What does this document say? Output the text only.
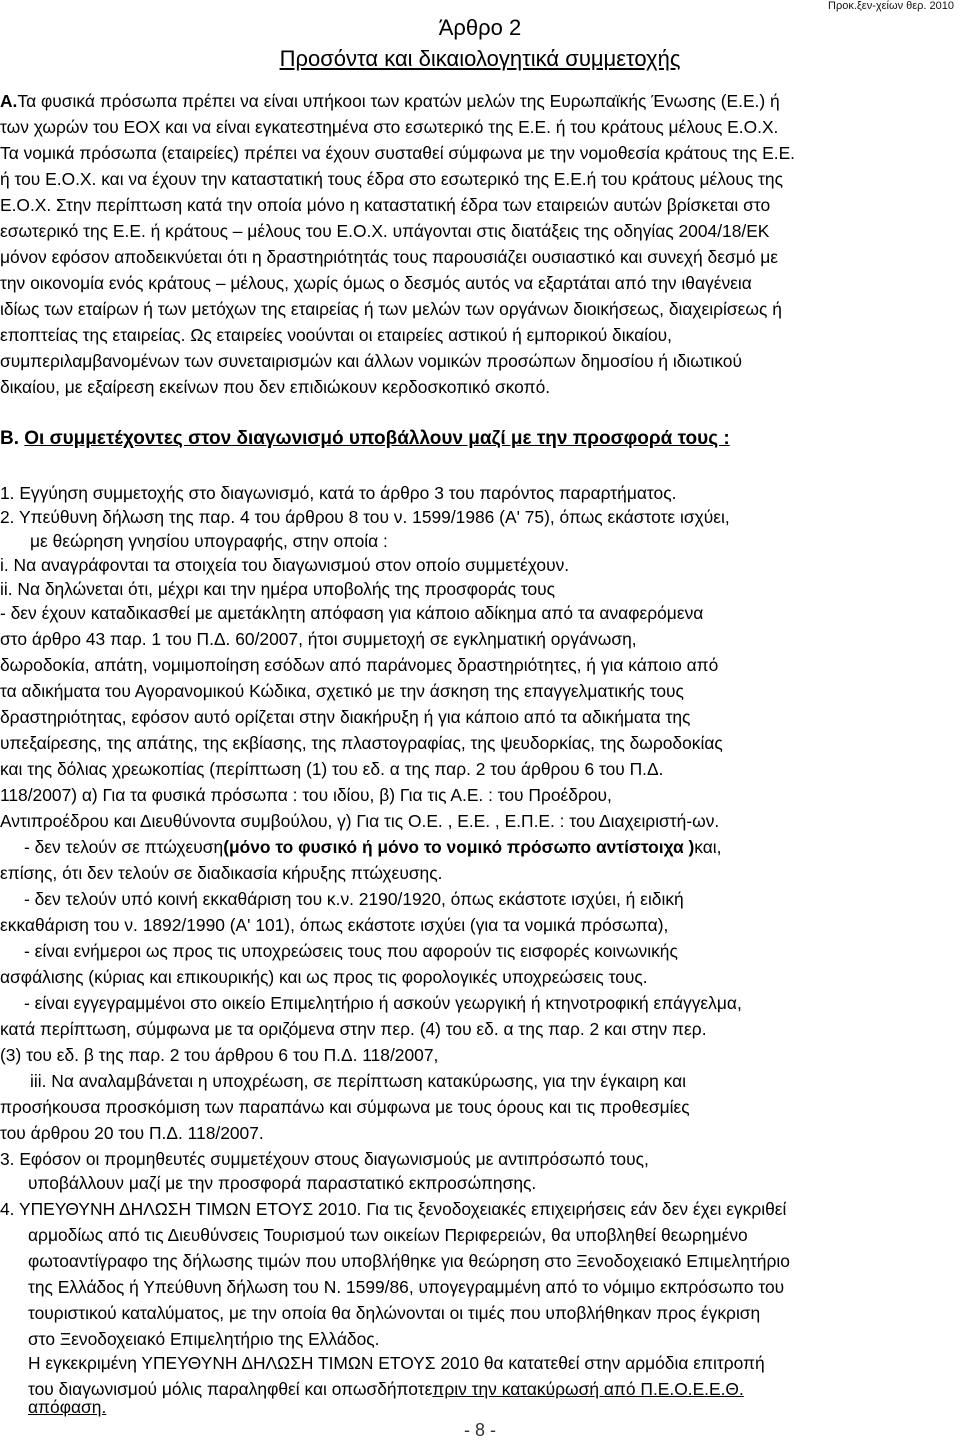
Προκ.ξεν-χείων θερ. 2010
Άρθρο 2
Προσόντα και δικαιολογητικά συμμετοχής
Α.Τα φυσικά πρόσωπα πρέπει να είναι υπήκοοι των κρατών μελών της Ευρωπαϊκής Ένωσης (Ε.Ε.) ή
των χωρών του ΕΟΧ και να είναι εγκατεστημένα στο εσωτερικό της Ε.Ε. ή του κράτους μέλους Ε.Ο.Χ.
Τα νομικά πρόσωπα (εταιρείες) πρέπει να έχουν συσταθεί σύμφωνα με την νομοθεσία κράτους της Ε.Ε.
ή του Ε.Ο.Χ. και να έχουν την καταστατική τους έδρα στο εσωτερικό της Ε.Ε.ή του κράτους μέλους της
Ε.Ο.Χ. Στην περίπτωση κατά την οποία μόνο η καταστατική έδρα των εταιρειών αυτών βρίσκεται στο
εσωτερικό της Ε.Ε. ή κράτους – μέλους του Ε.Ο.Χ. υπάγονται στις διατάξεις της οδηγίας 2004/18/ΕΚ
μόνον εφόσον αποδεικνύεται ότι η δραστηριότητάς τους παρουσιάζει ουσιαστικό και συνεχή δεσμό με
την οικονομία ενός κράτους – μέλους, χωρίς όμως ο δεσμός αυτός να εξαρτάται από την ιθαγένεια
ιδίως των εταίρων ή των μετόχων της εταιρείας ή των μελών των οργάνων διοικήσεως, διαχειρίσεως ή
εποπτείας της εταιρείας. Ως εταιρείες νοούνται οι εταιρείες αστικού ή εμπορικού δικαίου,
συμπεριλαμβανομένων των συνεταιρισμών και άλλων νομικών προσώπων δημοσίου ή ιδιωτικού
δικαίου, με εξαίρεση εκείνων που δεν επιδιώκουν κερδοσκοπικό σκοπό.
Β. Οι συμμετέχοντες στον διαγωνισμό υποβάλλουν μαζί με την προσφορά τους :
1. Εγγύηση συμμετοχής στο διαγωνισμό, κατά το άρθρο 3 του παρόντος παραρτήματος.
2. Υπεύθυνη δήλωση της παρ. 4 του άρθρου 8 του ν. 1599/1986 (Α' 75), όπως εκάστοτε ισχύει,
με θεώρηση γνησίου υπογραφής, στην οποία :
i. Να αναγράφονται τα στοιχεία του διαγωνισμού στον οποίο συμμετέχουν.
ii. Να δηλώνεται ότι, μέχρι και την ημέρα υποβολής της προσφοράς τους
- δεν έχουν καταδικασθεί με αμετάκλητη απόφαση για κάποιο αδίκημα από τα αναφερόμενα
στο άρθρο 43 παρ. 1 του Π.Δ. 60/2007, ήτοι συμμετοχή σε εγκληματική οργάνωση,
δωροδοκία, απάτη, νομιμοποίηση εσόδων από παράνομες δραστηριότητες, ή για κάποιο από
τα αδικήματα του Αγορανομικού Κώδικα, σχετικό με την άσκηση της επαγγελματικής τους
δραστηριότητας, εφόσον αυτό ορίζεται στην διακήρυξη ή για κάποιο από τα αδικήματα της
υπεξαίρεσης, της απάτης, της εκβίασης, της πλαστογραφίας, της ψευδορκίας, της δωροδοκίας
και της δόλιας χρεωκοπίας (περίπτωση (1) του εδ. α της παρ. 2 του άρθρου 6 του Π.Δ.
118/2007) α) Για τα φυσικά πρόσωπα : του ιδίου, β) Για τις Α.Ε. : του Προέδρου,
Αντιπροέδρου και Διευθύνοντα συμβούλου, γ) Για τις Ο.Ε. , Ε.Ε. , Ε.Π.Ε. : του Διαχειριστή-ων.
- δεν τελούν σε πτώχευση(μόνο το φυσικό ή μόνο το νομικό πρόσωπο αντίστοιχα )και,
επίσης, ότι δεν τελούν σε διαδικασία κήρυξης πτώχευσης.
- δεν τελούν υπό κοινή εκκαθάριση του κ.ν. 2190/1920, όπως εκάστοτε ισχύει, ή ειδική
εκκαθάριση του ν. 1892/1990 (Α' 101), όπως εκάστοτε ισχύει (για τα νομικά πρόσωπα),
- είναι ενήμεροι ως προς τις υποχρεώσεις τους που αφορούν τις εισφορές κοινωνικής
ασφάλισης (κύριας και επικουρικής) και ως προς τις φορολογικές υποχρεώσεις τους.
- είναι εγγεγραμμένοι στο οικείο Επιμελητήριο ή ασκούν γεωργική ή κτηνοτροφική επάγγελμα,
κατά περίπτωση, σύμφωνα με τα οριζόμενα στην περ. (4) του εδ. α της παρ. 2 και στην περ.
(3) του εδ. β της παρ. 2 του άρθρου 6 του Π.Δ. 118/2007,
iii. Να αναλαμβάνεται η υποχρέωση, σε περίπτωση κατακύρωσης, για την έγκαιρη και
προσήκουσα προσκόμιση των παραπάνω και σύμφωνα με τους όρους και τις προθεσμίες
του άρθρου 20 του Π.Δ. 118/2007.
3. Εφόσον οι προμηθευτές συμμετέχουν στους διαγωνισμούς με αντιπρόσωπό τους,
υποβάλλουν μαζί με την προσφορά παραστατικό εκπροσώπησης.
4. ΥΠΕΥΘΥΝΗ ΔΗΛΩΣΗ ΤΙΜΩΝ ΕΤΟΥΣ 2010. Για τις ξενοδοχειακές επιχειρήσεις εάν δεν έχει εγκριθεί
αρμοδίως από τις Διευθύνσεις Τουρισμού των οικείων Περιφερειών, θα υποβληθεί θεωρημένο
φωτοαντίγραφο της δήλωσης τιμών που υποβλήθηκε για θεώρηση στο Ξενοδοχειακό Επιμελητήριο
της Ελλάδος ή Υπεύθυνη δήλωση του Ν. 1599/86, υπογεγραμμένη από το νόμιμο εκπρόσωπο του
τουριστικού καταλύματος, με την οποία θα δηλώνονται οι τιμές που υποβλήθηκαν προς έγκριση
στο Ξενοδοχειακό Επιμελητήριο της Ελλάδος.
Η εγκεκριμένη ΥΠΕΥΘΥΝΗ ΔΗΛΩΣΗ ΤΙΜΩΝ ΕΤΟΥΣ 2010 θα κατατεθεί στην αρμόδια επιτροπή
του διαγωνισμού μόλις παραληφθεί και οπωσδήποτεπριν την κατακύρωσή από Π.Ε.Ο.Ε.Ε.Θ.
απόφαση.
- 8 -
